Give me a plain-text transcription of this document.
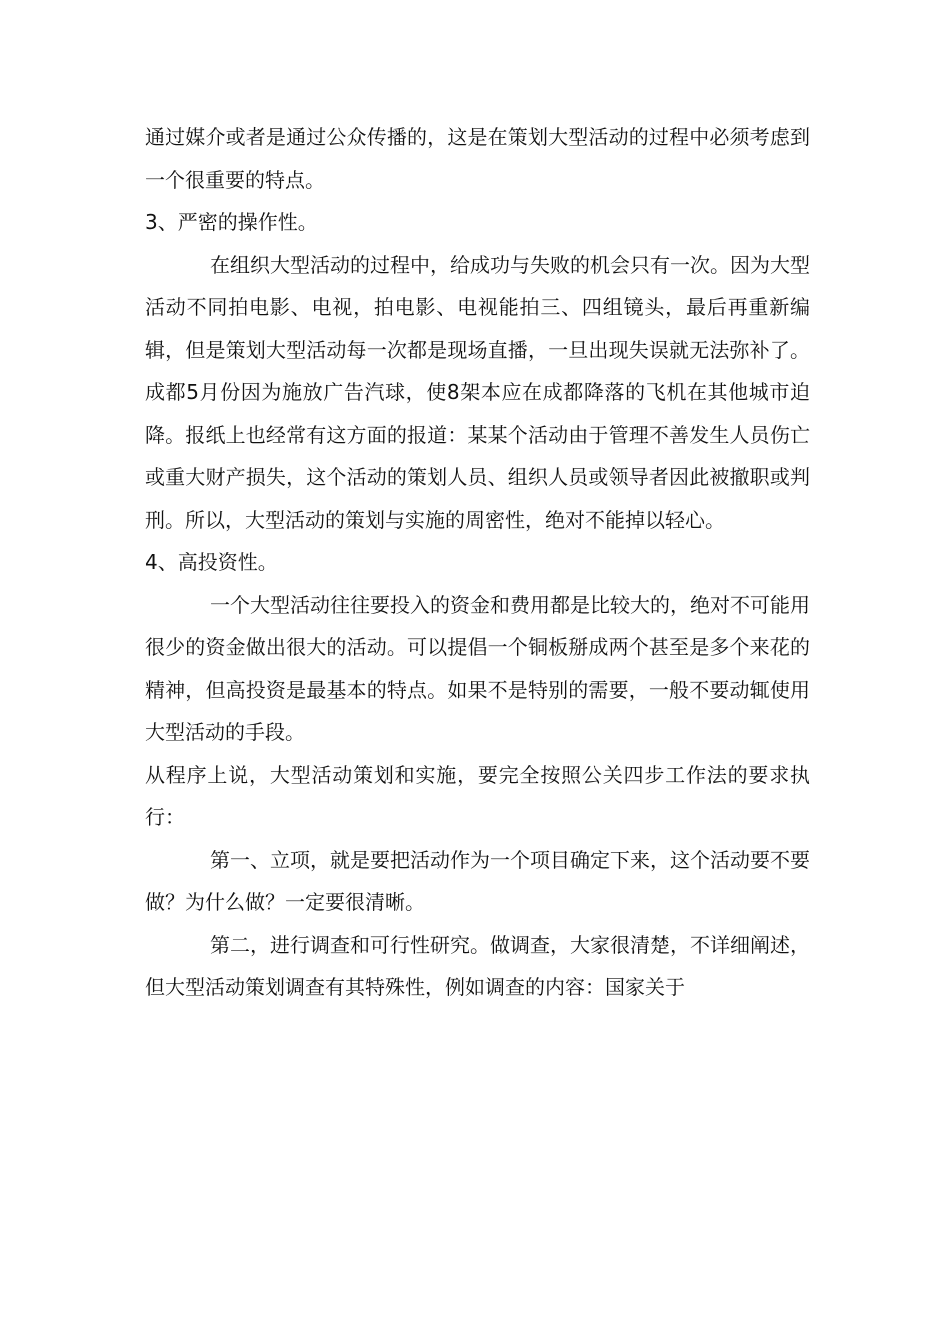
通过媒介或者是通过公众传播的，这是在策划大型活动的过程中必须考虑到一个很重要的特点。

3、严密的操作性。

在组织大型活动的过程中，给成功与失败的机会只有一次。因为大型活动不同拍电影、电视，拍电影、电视能拍三、四组镜头，最后再重新编辑，但是策划大型活动每一次都是现场直播，一旦出现失误就无法弥补了。成都5月份因为施放广告汽球，使8架本应在成都降落的飞机在其他城市迫降。报纸上也经常有这方面的报道：某某个活动由于管理不善发生人员伤亡或重大财产损失，这个活动的策划人员、组织人员或领导者因此被撤职或判刑。所以，大型活动的策划与实施的周密性，绝对不能掉以轻心。

4、高投资性。

一个大型活动往往要投入的资金和费用都是比较大的，绝对不可能用很少的资金做出很大的活动。可以提倡一个铜板掰成两个甚至是多个来花的精神，但高投资是最基本的特点。如果不是特别的需要，一般不要动辄使用大型活动的手段。

从程序上说，大型活动策划和实施，要完全按照公关四步工作法的要求执行：

第一、立项，就是要把活动作为一个项目确定下来，这个活动要不要做？为什么做？一定要很清晰。

第二，进行调查和可行性研究。做调查，大家很清楚，不详细阐述，但大型活动策划调查有其特殊性，例如调查的内容：国家关于
